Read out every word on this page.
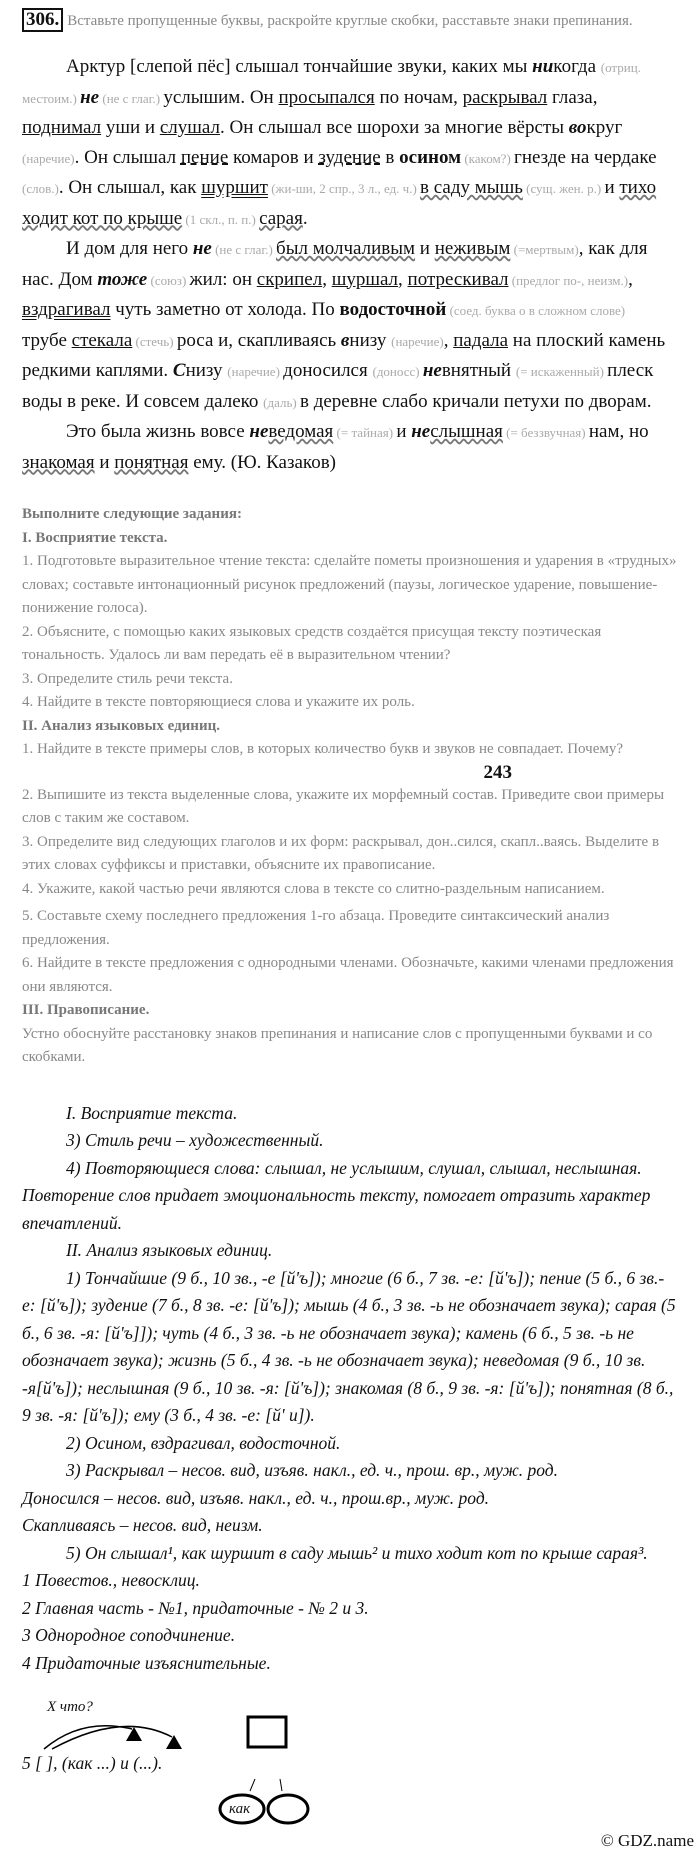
306. Вставьте пропущенные буквы, раскройте круглые скобки, расставьте знаки препинания.

Арктур [слепой пёс] слышал тончайшие звуки, каких мы никогда (отриц. местоим.) не (не с глаг.) услышим. Он просыпался по ночам, раскрывал глаза, поднимал уши и слушал. Он слышал все шорохи за многие вёрсты вокруг (наречие). Он слышал пение комаров и зудение в осином (каком?) гнезде на чердаке (слов.). Он слышал, как шуршит (жи-ши, 2 спр., 3 л., ед. ч.) в саду мышь (сущ. жен. р.) и тихо ходит кот по крыше (1 скл., п. п.) сарая.

И дом для него не (не с глаг.) был молчаливым и неживым (=мертвым), как для нас. Дом тоже (союз) жил: он скрипел, шуршал, потрескивал (предлог по-, неизм.), вздрагивал чуть заметно от холода. По водосточной (соед. буква о в сложном слове) трубе стекала (стечь) роса и, скапливаясь внизу (наречие), падала на плоский камень редкими каплями. Снизу (наречие) доносился (доносс) невнятный (= искаженный) плеск воды в реке. И совсем далеко (даль) в деревне слабо кричали петухи по дворам.

Это была жизнь вовсе неведомая (= тайная) и неслышная (= беззвучная) нам, но знакомая и понятная ему. (Ю. Казаков)

Выполните следующие задания:
I. Восприятие текста.
1. Подготовьте выразительное чтение текста: сделайте пометы произношения и ударения в «трудных» словах; составьте интонационный рисунок предложений (паузы, логическое ударение, повышение-понижение голоса).
2. Объясните, с помощью каких языковых средств создаётся присущая тексту поэтическая тональность. Удалось ли вам передать её в выразительном чтении?
3. Определите стиль речи текста.
4. Найдите в тексте повторяющиеся слова и укажите их роль.
II. Анализ языковых единиц.
1. Найдите в тексте примеры слов, в которых количество букв и звуков не совпадает. Почему?
243
2. Выпишите из текста выделенные слова, укажите их морфемный состав. Приведите свои примеры слов с таким же составом.
3. Определите вид следующих глаголов и их форм: раскрывал, дон..сился, скапл..ваясь. Выделите в этих словах суффиксы и приставки, объясните их правописание.
4. Укажите, какой частью речи являются слова в тексте со слитно-раздельным написанием.
5. Составьте схему последнего предложения 1-го абзаца. Проведите синтаксический анализ предложения.
6. Найдите в тексте предложения с однородными членами. Обозначьте, какими членами предложения они являются.
III. Правописание.
Устно обоснуйте расстановку знаков препинания и написание слов с пропущенными буквами и со скобками.
I. Восприятие текста.
3) Стиль речи – художественный.
4) Повторяющиеся слова: слышал, не услышим, слушал, слышал, неслышная. Повторение слов придает эмоциональность тексту, помогает отразить характер впечатлений.
II. Анализ языковых единиц.
1) Тончайшие (9 б., 10 зв., -е [й'ъ]); многие (6 б., 7 зв. -е: [й'ъ]); пение (5 б., 6 зв.- е: [й'ъ]); зудение (7 б., 8 зв. -е: [й'ъ]); мышь (4 б., 3 зв. -ь не обозначает звука); сарая (5 б., 6 зв. -я: [й'ъ]]); чуть (4 б., 3 зв. -ь не обозначает звука); камень (6 б., 5 зв. -ь не обозначает звука); жизнь (5 б., 4 зв. -ь не обозначает звука); неведомая (9 б., 10 зв. -я[й'ъ]); неслышная (9 б., 10 зв. -я: [й'ъ]); знакомая (8 б., 9 зв. -я: [й'ъ]); понятная (8 б., 9 зв. -я: [й'ъ]); ему (3 б., 4 зв. -е: [й' u]).
2) Осином, вздрагивал, водосточной.
3) Раскрывал – несов. вид, изъяв. накл., ед. ч., прош. вр., муж. род.
Доносился – несов. вид, изъяв. накл., ед. ч., прош.вр., муж. род.
Скапливаясь – несов. вид, неизм.
5) Он слышал¹, как шуршит в саду мышь² и тихо ходит кот по крыше сарая³.
1 Повестов., невосклиц.
2 Главная часть - №1, придаточные - № 2 и 3.
3 Однородное соподчинение.
4 Придаточные изъяснительные.
X что?
5 [ ], (как ...) и (...).
как
© GDZ.name
